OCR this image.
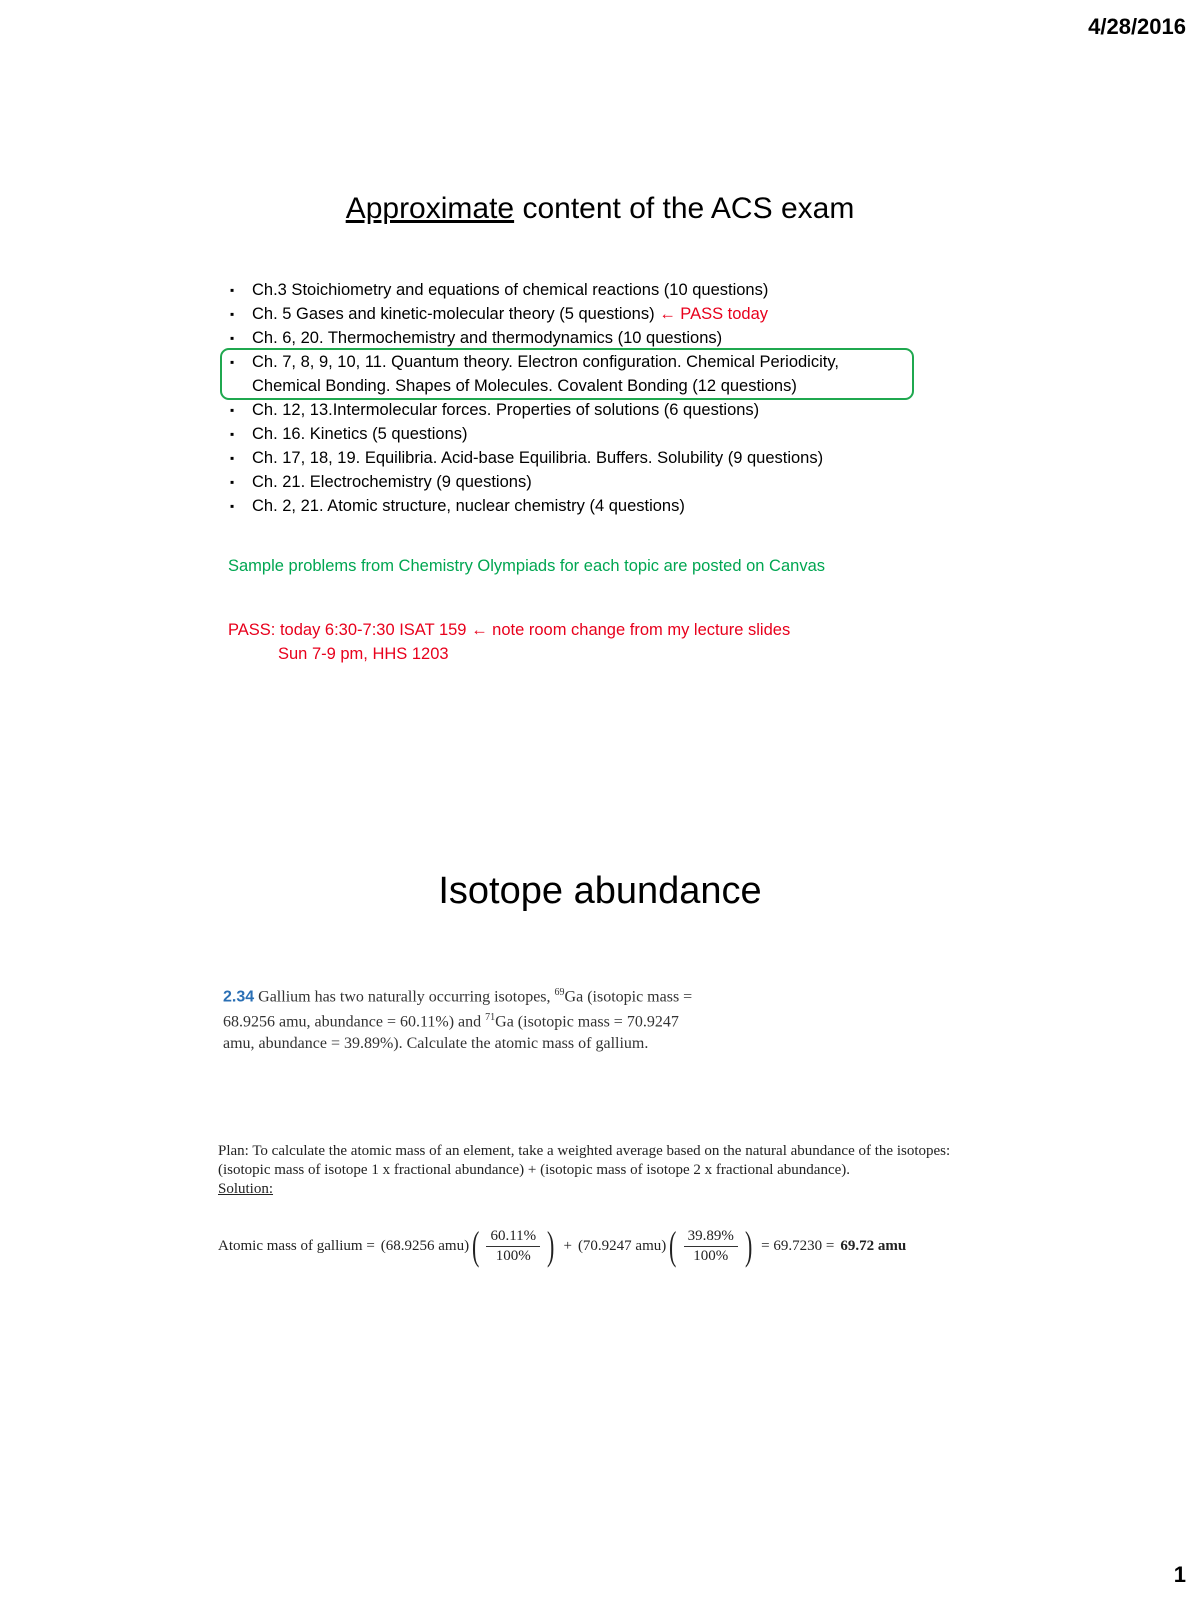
4/28/2016
Approximate content of the ACS exam
▪ Ch.3 Stoichiometry and equations of chemical reactions (10 questions)
▪ Ch. 5 Gases and kinetic-molecular theory (5 questions) ← PASS today
▪ Ch. 6, 20. Thermochemistry and thermodynamics (10 questions)
▪ Ch. 7, 8, 9, 10, 11. Quantum theory. Electron configuration. Chemical Periodicity,
Chemical Bonding. Shapes of Molecules. Covalent Bonding (12 questions)
▪ Ch. 12, 13.Intermolecular forces. Properties of solutions (6 questions)
▪ Ch. 16. Kinetics (5 questions)
▪ Ch. 17, 18, 19. Equilibria. Acid-base Equilibria. Buffers. Solubility (9 questions)
▪ Ch. 21. Electrochemistry (9 questions)
▪ Ch. 2, 21. Atomic structure, nuclear chemistry (4 questions)
Sample problems from Chemistry Olympiads for each topic are posted on Canvas
PASS: today 6:30-7:30 ISAT 159 ← note room change from my lecture slides
Sun 7-9 pm, HHS 1203
Isotope abundance
2.34 Gallium has two naturally occurring isotopes, $^{69}$Ga (isotopic mass = 68.9256 amu, abundance = 60.11%) and $^{71}$Ga (isotopic mass = 70.9247 amu, abundance = 39.89%). Calculate the atomic mass of gallium.
Plan: To calculate the atomic mass of an element, take a weighted average based on the natural abundance of the isotopes: (isotopic mass of isotope 1 x fractional abundance) + (isotopic mass of isotope 2 x fractional abundance).
Solution:
Atomic mass of gallium = (68.9256 amu) ( $\frac{60.11\%}{100\%}$ ) + (70.9247 amu) ( $\frac{39.89\%}{100\%}$ ) = 69.7230 = 69.72 amu
1
